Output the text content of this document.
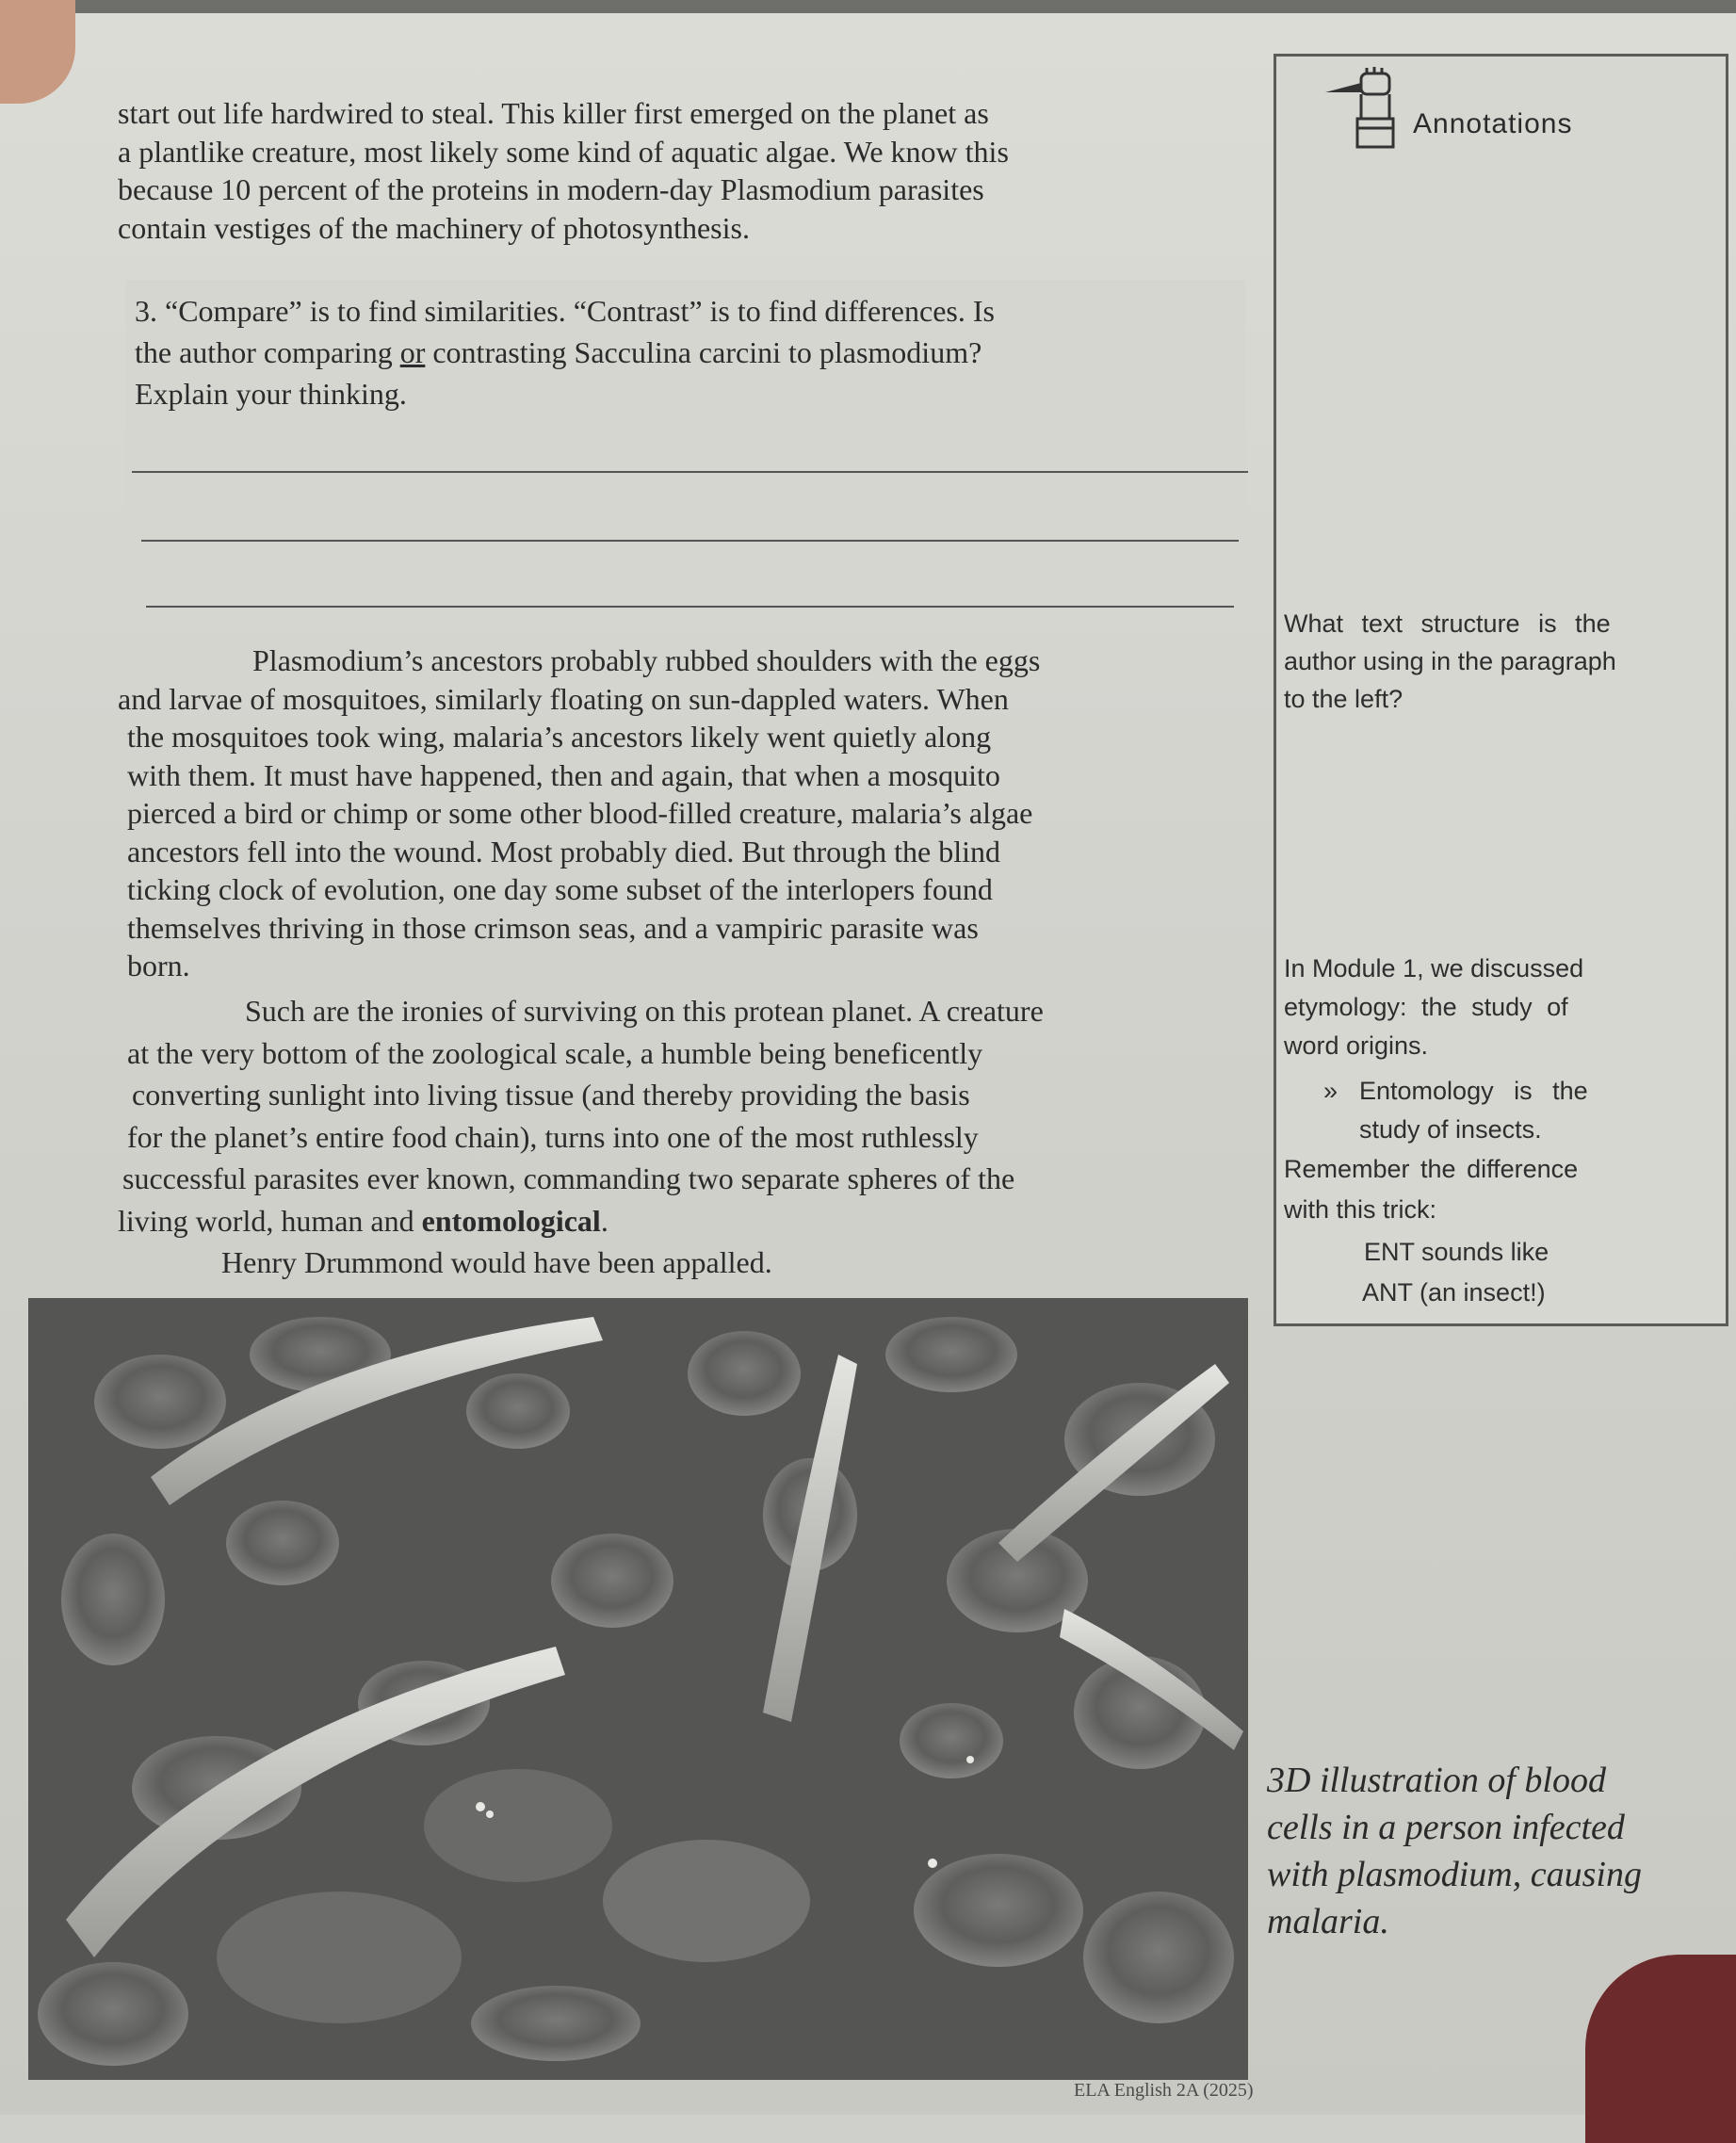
start out life hardwired to steal. This killer first emerged on the planet as
a plantlike creature, most likely some kind of aquatic algae. We know this
because 10 percent of the proteins in modern-day Plasmodium parasites
contain vestiges of the machinery of photosynthesis.
3. “Compare” is to find similarities. “Contrast” is to find differences. Is
the author comparing or contrasting Sacculina carcini to plasmodium?
Explain your thinking.
Plasmodium’s ancestors probably rubbed shoulders with the eggs
and larvae of mosquitoes, similarly floating on sun-dappled waters. When
the mosquitoes took wing, malaria’s ancestors likely went quietly along
with them. It must have happened, then and again, that when a mosquito
pierced a bird or chimp or some other blood-filled creature, malaria’s algae
ancestors fell into the wound. Most probably died. But through the blind
ticking clock of evolution, one day some subset of the interlopers found
themselves thriving in those crimson seas, and a vampiric parasite was
born.
Such are the ironies of surviving on this protean planet. A creature
at the very bottom of the zoological scale, a humble being beneficently
converting sunlight into living tissue (and thereby providing the basis
for the planet’s entire food chain), turns into one of the most ruthlessly
successful parasites ever known, commanding two separate spheres of the
living world, human and entomological.
Henry Drummond would have been appalled.
Annotations
What text structure is the
author using in the paragraph
to the left?
In Module 1, we discussed
etymology: the study of
word origins.
» Entomology is the
study of insects.
Remember the difference
with this trick:
ENT sounds like
ANT (an insect!)
3D illustration of blood
cells in a person infected
with plasmodium, causing
malaria.
ELA English 2A (2025)
